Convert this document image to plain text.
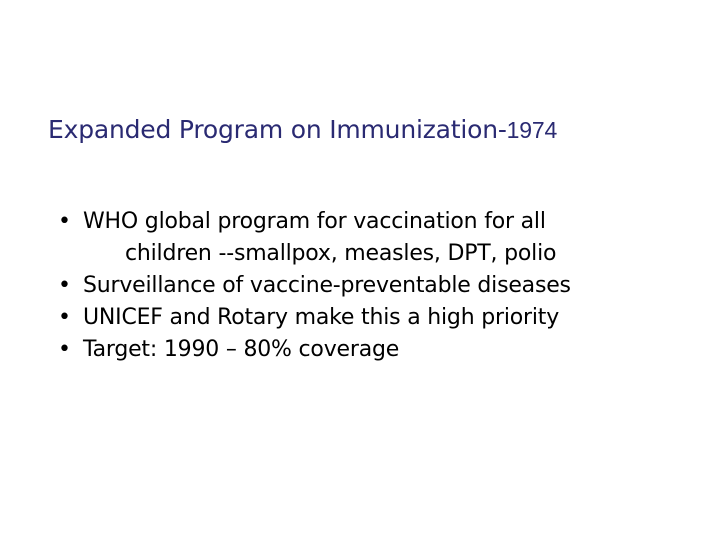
Expanded Program on Immunization-1974
• WHO global program for vaccination for all
children --smallpox, measles, DPT, polio
• Surveillance of vaccine-preventable diseases
• UNICEF and Rotary make this a high priority
• Target: 1990 – 80% coverage
